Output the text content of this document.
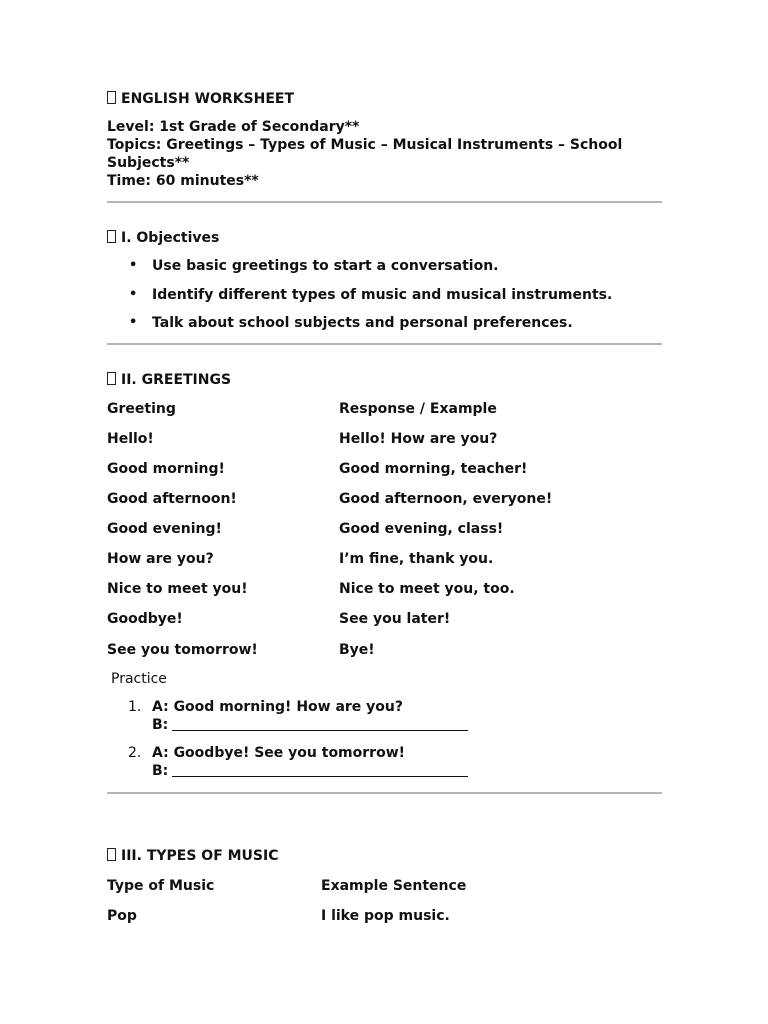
ENGLISH WORKSHEET
Level: 1st Grade of Secondary**
Topics: Greetings – Types of Music – Musical Instruments – School
Subjects**
Time: 60 minutes**
I. Objectives
• Use basic greetings to start a conversation.
• Identify different types of music and musical instruments.
• Talk about school subjects and personal preferences.
II. GREETINGS
Greeting	Response / Example
Hello!	Hello! How are you?
Good morning!	Good morning, teacher!
Good afternoon!	Good afternoon, everyone!
Good evening!	Good evening, class!
How are you?	I’m fine, thank you.
Nice to meet you!	Nice to meet you, too.
Goodbye!	See you later!
See you tomorrow!	Bye!
Practice
1. A: Good morning! How are you?
B:
2. A: Goodbye! See you tomorrow!
B:
III. TYPES OF MUSIC
Type of Music	Example Sentence
Pop	I like pop music.
